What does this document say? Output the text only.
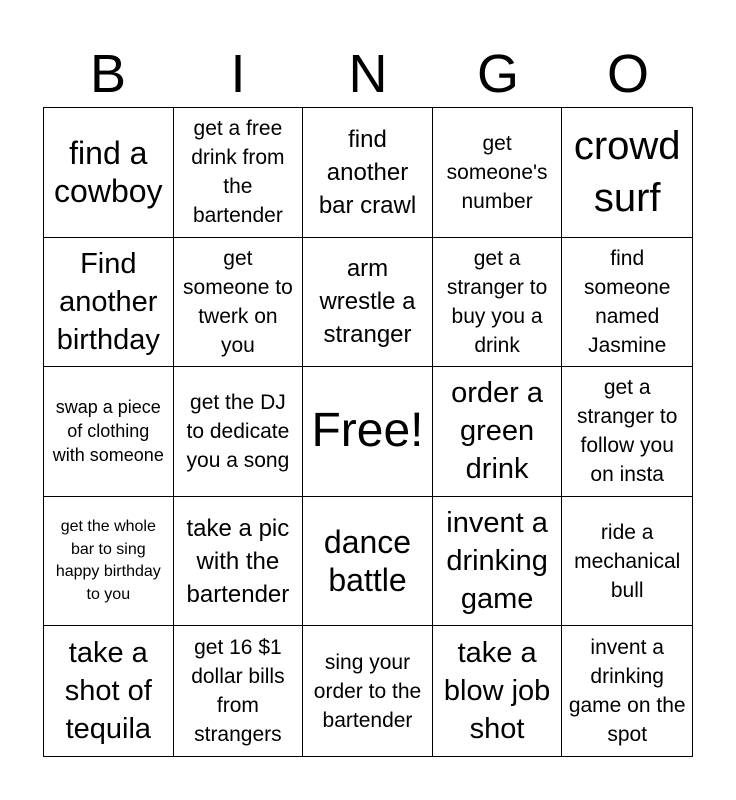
B	I	N	G	O
find a cowboy
get a free drink from the bartender
find another bar crawl
get someone's number
crowd surf
Find another birthday
get someone to twerk on you
arm wrestle a stranger
get a stranger to buy you a drink
find someone named Jasmine
swap a piece of clothing with someone
get the DJ to dedicate you a song
Free!
order a green drink
get a stranger to follow you on insta
get the whole bar to sing happy birthday to you
take a pic with the bartender
dance battle
invent a drinking game
ride a mechanical bull
take a shot of tequila
get 16 $1 dollar bills from strangers
sing your order to the bartender
take a blow job shot
invent a drinking game on the spot
